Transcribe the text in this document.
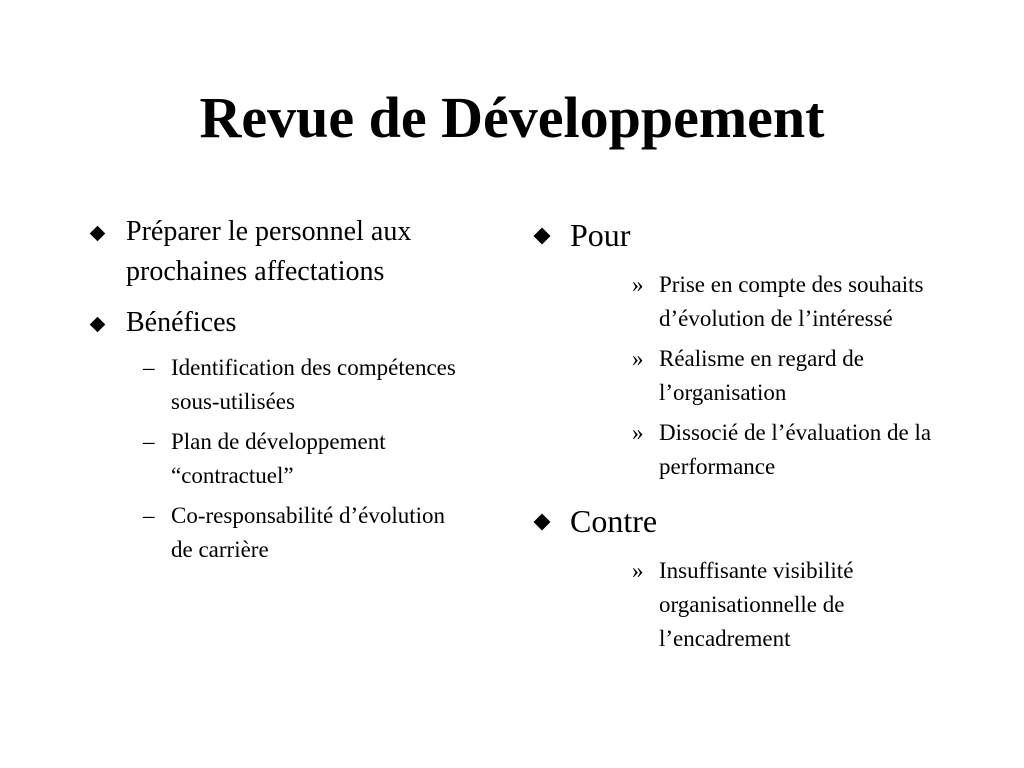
Revue de Développement
Préparer le personnel aux prochaines affectations
Bénéfices
– Identification des compétences sous-utilisées
– Plan de développement “contractuel”
– Co-responsabilité d’évolution de carrière
Pour
» Prise en compte des souhaits d’évolution de l’intéressé
» Réalisme en regard de l’organisation
» Dissocié de l’évaluation de la performance
Contre
» Insuffisante visibilité organisationnelle de l’encadrement
